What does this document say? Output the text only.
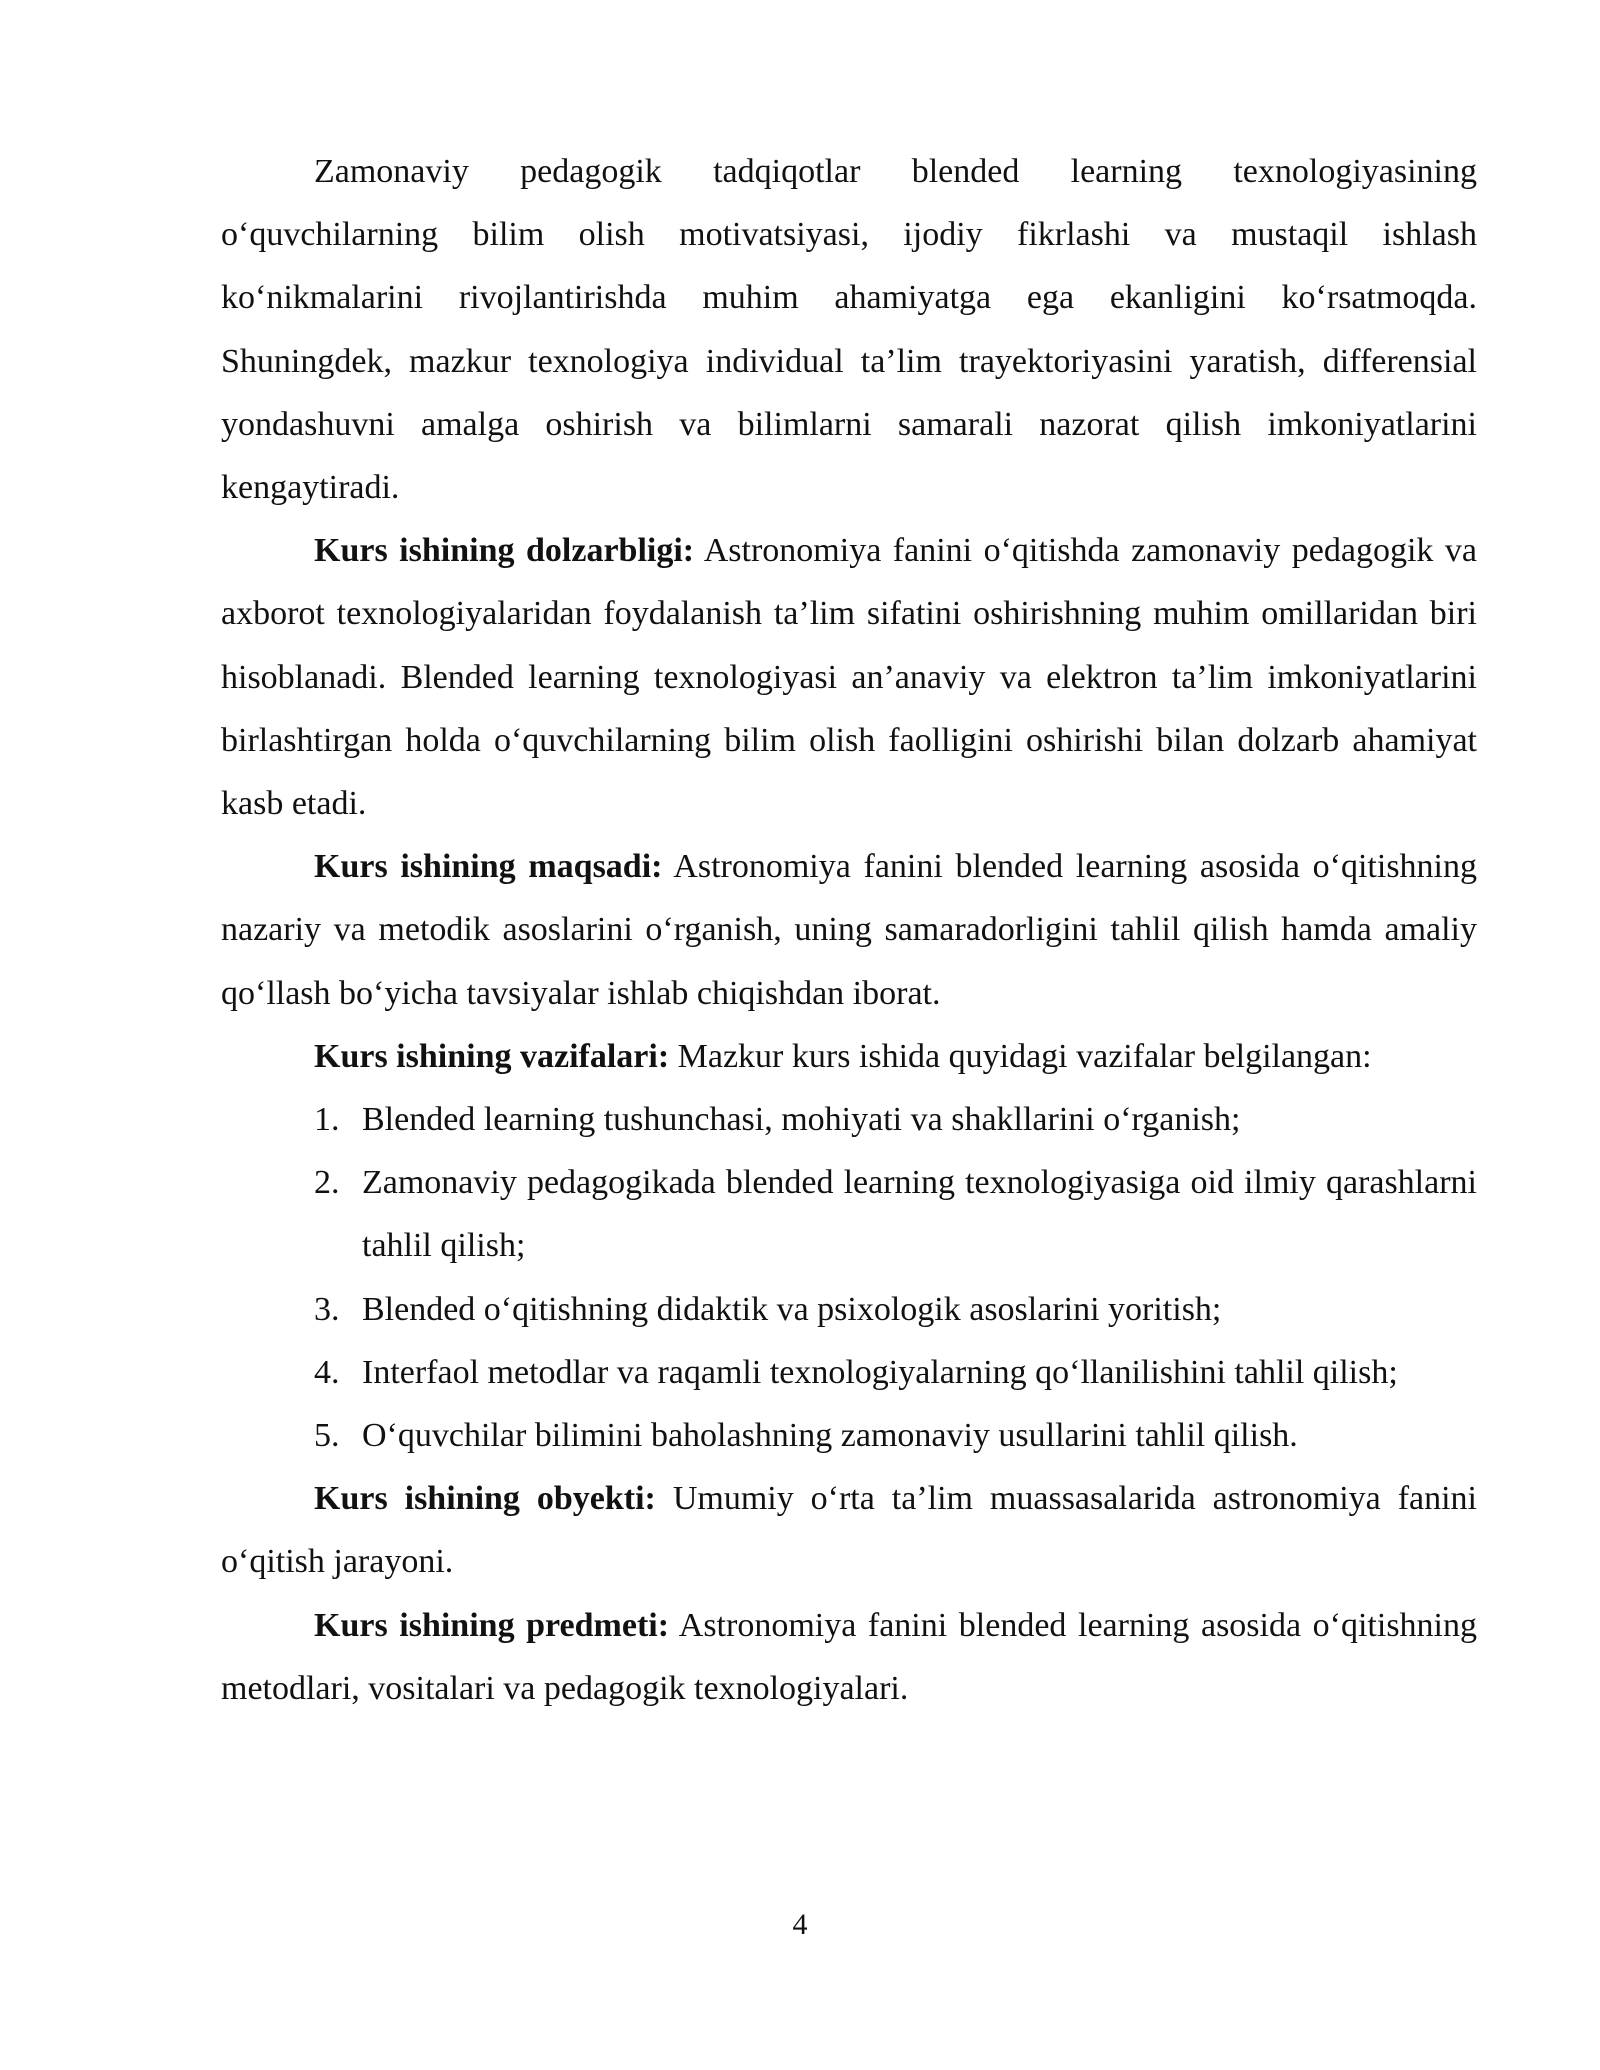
Zamonaviy pedagogik tadqiqotlar blended learning texnologiyasining o‘quvchilarning bilim olish motivatsiyasi, ijodiy fikrlashi va mustaqil ishlash ko‘nikmalarini rivojlantirishda muhim ahamiyatga ega ekanligini ko‘rsatmoqda. Shuningdek, mazkur texnologiya individual ta’lim trayektoriyasini yaratish, differensial yondashuvni amalga oshirish va bilimlarni samarali nazorat qilish imkoniyatlarini kengaytiradi.

Kurs ishining dolzarbligi: Astronomiya fanini o‘qitishda zamonaviy pedagogik va axborot texnologiyalaridan foydalanish ta’lim sifatini oshirishning muhim omillaridan biri hisoblanadi. Blended learning texnologiyasi an’anaviy va elektron ta’lim imkoniyatlarini birlashtirgan holda o‘quvchilarning bilim olish faolligini oshirishi bilan dolzarb ahamiyat kasb etadi.

Kurs ishining maqsadi: Astronomiya fanini blended learning asosida o‘qitishning nazariy va metodik asoslarini o‘rganish, uning samaradorligini tahlil qilish hamda amaliy qo‘llash bo‘yicha tavsiyalar ishlab chiqishdan iborat.

Kurs ishining vazifalari: Mazkur kurs ishida quyidagi vazifalar belgilangan:

1. Blended learning tushunchasi, mohiyati va shakllarini o‘rganish;
2. Zamonaviy pedagogikada blended learning texnologiyasiga oid ilmiy qarashlarni tahlil qilish;
3. Blended o‘qitishning didaktik va psixologik asoslarini yoritish;
4. Interfaol metodlar va raqamli texnologiyalarning qo‘llanilishini tahlil qilish;
5. O‘quvchilar bilimini baholashning zamonaviy usullarini tahlil qilish.

Kurs ishining obyekti: Umumiy o‘rta ta’lim muassasalarida astronomiya fanini o‘qitish jarayoni.

Kurs ishining predmeti: Astronomiya fanini blended learning asosida o‘qitishning metodlari, vositalari va pedagogik texnologiyalari.

4
